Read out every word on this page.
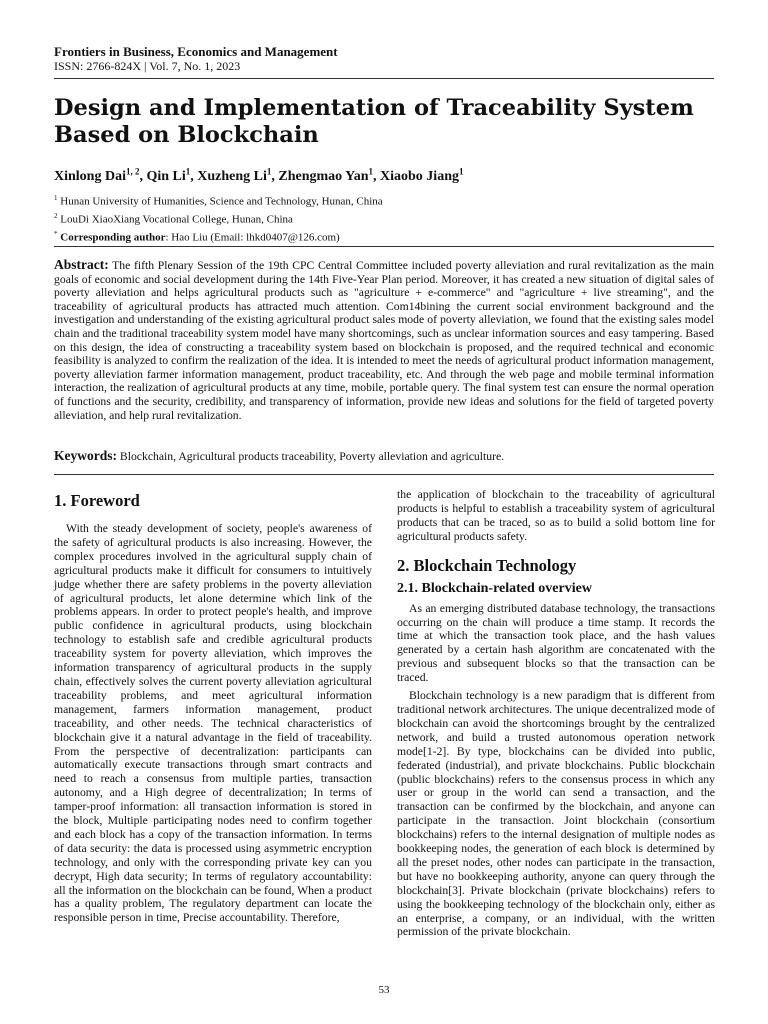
Frontiers in Business, Economics and Management
ISSN: 2766-824X | Vol. 7, No. 1, 2023
Design and Implementation of Traceability System Based on Blockchain
Xinlong Dai$^{1, 2}$, Qin Li$^1$, Xuzheng Li$^1$, Zhengmao Yan$^1$, Xiaobo Jiang$^1$
$^1$ Hunan University of Humanities, Science and Technology, Hunan, China
$^2$ LouDi XiaoXiang Vocational College, Hunan, China
* Corresponding author: Hao Liu (Email: lhkd0407@126.com)

Abstract: The fifth Plenary Session of the 19th CPC Central Committee included poverty alleviation and rural revitalization as the main goals of economic and social development during the 14th Five-Year Plan period. Moreover, it has created a new situation of digital sales of poverty alleviation and helps agricultural products such as "agriculture + e-commerce" and "agriculture + live streaming", and the traceability of agricultural products has attracted much attention. Com14bining the current social environment background and the investigation and understanding of the existing agricultural product sales mode of poverty alleviation, we found that the existing sales model chain and the traditional traceability system model have many shortcomings, such as unclear information sources and easy tampering. Based on this design, the idea of constructing a traceability system based on blockchain is proposed, and the required technical and economic feasibility is analyzed to confirm the realization of the idea. It is intended to meet the needs of agricultural product information management, poverty alleviation farmer information management, product traceability, etc. And through the web page and mobile terminal information interaction, the realization of agricultural products at any time, mobile, portable query. The final system test can ensure the normal operation of functions and the security, credibility, and transparency of information, provide new ideas and solutions for the field of targeted poverty alleviation, and help rural revitalization.

Keywords: Blockchain, Agricultural products traceability, Poverty alleviation and agriculture.

1. Foreword

With the steady development of society, people's awareness of the safety of agricultural products is also increasing. However, the complex procedures involved in the agricultural supply chain of agricultural products make it difficult for consumers to intuitively judge whether there are safety problems in the poverty alleviation of agricultural products, let alone determine which link of the problems appears. In order to protect people's health, and improve public confidence in agricultural products, using blockchain technology to establish safe and credible agricultural products traceability system for poverty alleviation, which improves the information transparency of agricultural products in the supply chain, effectively solves the current poverty alleviation agricultural traceability problems, and meet agricultural information management, farmers information management, product traceability, and other needs. The technical characteristics of blockchain give it a natural advantage in the field of traceability. From the perspective of decentralization: participants can automatically execute transactions through smart contracts and need to reach a consensus from multiple parties, transaction autonomy, and a High degree of decentralization; In terms of tamper-proof information: all transaction information is stored in the block, Multiple participating nodes need to confirm together and each block has a copy of the transaction information. In terms of data security: the data is processed using asymmetric encryption technology, and only with the corresponding private key can you decrypt, High data security; In terms of regulatory accountability: all the information on the blockchain can be found, When a product has a quality problem, The regulatory department can locate the responsible person in time, Precise accountability. Therefore,

the application of blockchain to the traceability of agricultural products is helpful to establish a traceability system of agricultural products that can be traced, so as to build a solid bottom line for agricultural products safety.

2. Blockchain Technology
2.1. Blockchain-related overview

As an emerging distributed database technology, the transactions occurring on the chain will produce a time stamp. It records the time at which the transaction took place, and the hash values generated by a certain hash algorithm are concatenated with the previous and subsequent blocks so that the transaction can be traced.

Blockchain technology is a new paradigm that is different from traditional network architectures. The unique decentralized mode of blockchain can avoid the shortcomings brought by the centralized network, and build a trusted autonomous operation network mode[1-2]. By type, blockchains can be divided into public, federated (industrial), and private blockchains. Public blockchain (public blockchains) refers to the consensus process in which any user or group in the world can send a transaction, and the transaction can be confirmed by the blockchain, and anyone can participate in the transaction. Joint blockchain (consortium blockchains) refers to the internal designation of multiple nodes as bookkeeping nodes, the generation of each block is determined by all the preset nodes, other nodes can participate in the transaction, but have no bookkeeping authority, anyone can query through the blockchain[3]. Private blockchain (private blockchains) refers to using the bookkeeping technology of the blockchain only, either as an enterprise, a company, or an individual, with the written permission of the private blockchain.

53
